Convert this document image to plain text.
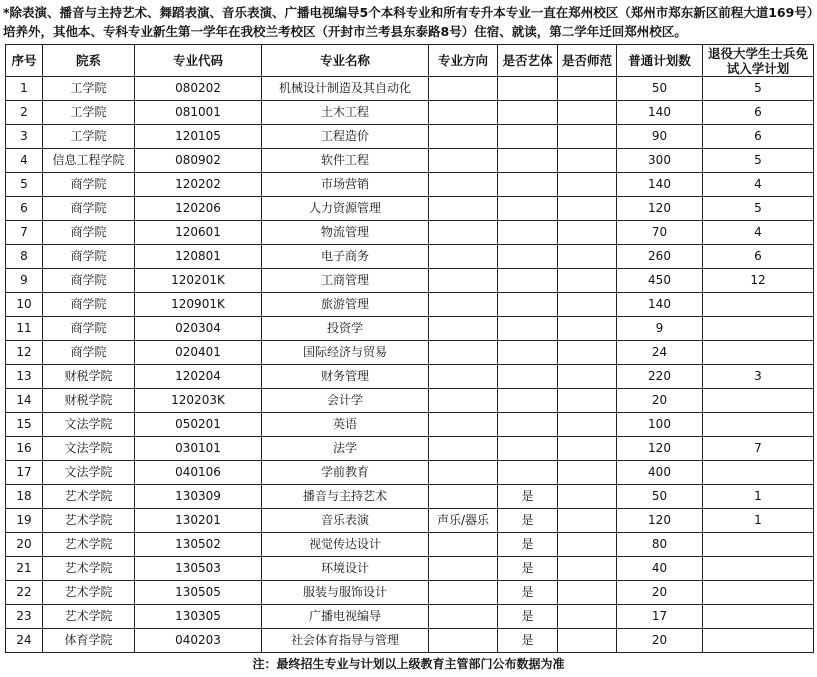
*除表演、播音与主持艺术、舞蹈表演、音乐表演、广播电视编导5个本科专业和所有专升本专业一直在郑州校区（郑州市郑东新区前程大道169号）培养外，其他本、专科专业新生第一学年在我校兰考校区（开封市兰考县东泰路8号）住宿、就读，第二学年迁回郑州校区。
序号	院系	专业代码	专业名称	专业方向	是否艺体	是否师范	普通计划数	退役大学生士兵免试入学计划
1	工学院	080202	机械设计制造及其自动化				50	5
2	工学院	081001	土木工程				140	6
3	工学院	120105	工程造价				90	6
4	信息工程学院	080902	软件工程				300	5
5	商学院	120202	市场营销				140	4
6	商学院	120206	人力资源管理				120	5
7	商学院	120601	物流管理				70	4
8	商学院	120801	电子商务				260	6
9	商学院	120201K	工商管理				450	12
10	商学院	120901K	旅游管理				140	
11	商学院	020304	投资学				9	
12	商学院	020401	国际经济与贸易				24	
13	财税学院	120204	财务管理				220	3
14	财税学院	120203K	会计学				20	
15	文法学院	050201	英语				100	
16	文法学院	030101	法学				120	7
17	文法学院	040106	学前教育				400	
18	艺术学院	130309	播音与主持艺术		是		50	1
19	艺术学院	130201	音乐表演	声乐/器乐	是		120	1
20	艺术学院	130502	视觉传达设计		是		80	
21	艺术学院	130503	环境设计		是		40	
22	艺术学院	130505	服装与服饰设计		是		20	
23	艺术学院	130305	广播电视编导		是		17	
24	体育学院	040203	社会体育指导与管理		是		20	
注：最终招生专业与计划以上级教育主管部门公布数据为准
